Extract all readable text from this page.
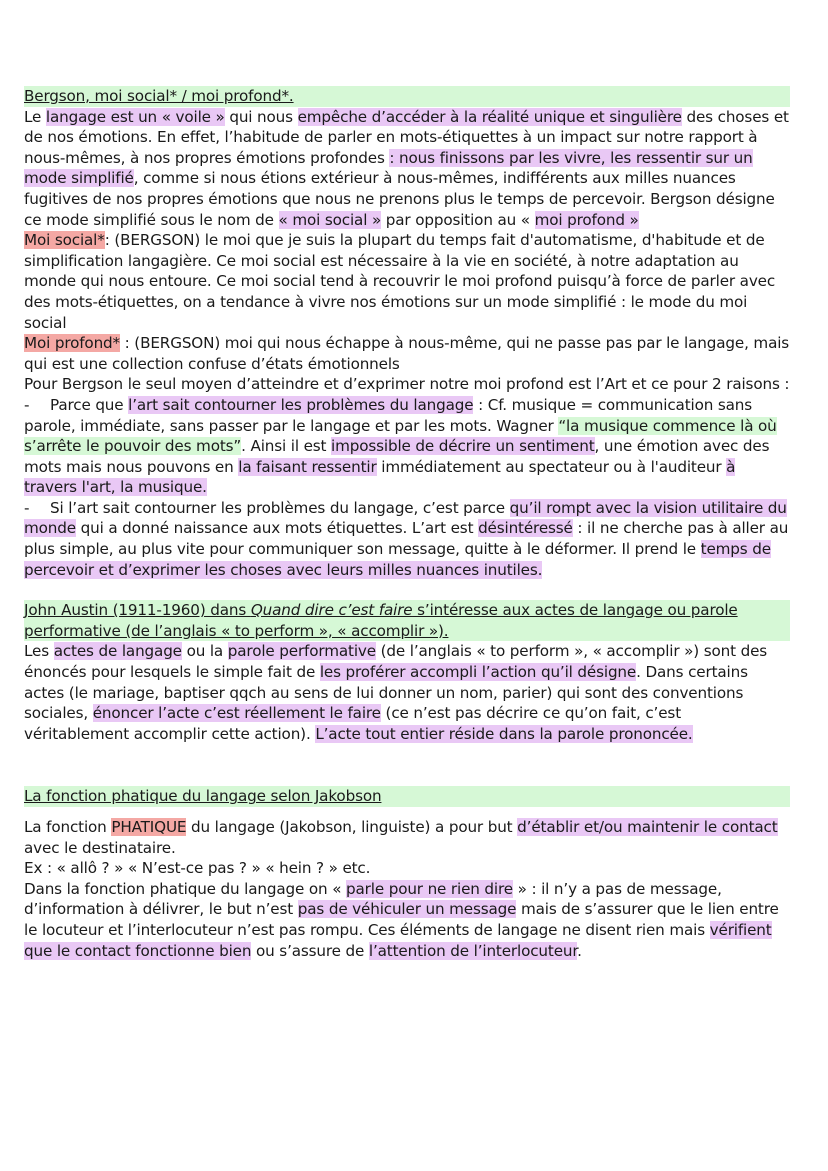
Bergson, moi social* / moi profond*.

Le langage est un « voile » qui nous empêche d’accéder à la réalité unique et singulière des choses et de nos émotions. En effet, l’habitude de parler en mots-étiquettes à un impact sur notre rapport à nous-mêmes, à nos propres émotions profondes : nous finissons par les vivre, les ressentir sur un mode simplifié, comme si nous étions extérieur à nous-mêmes, indifférents aux milles nuances fugitives de nos propres émotions que nous ne prenons plus le temps de percevoir. Bergson désigne ce mode simplifié sous le nom de « moi social » par opposition au « moi profond »

Moi social*: (BERGSON) le moi que je suis la plupart du temps fait d'automatisme, d'habitude et de simplification langagière. Ce moi social est nécessaire à la vie en société, à notre adaptation au monde qui nous entoure. Ce moi social tend à recouvrir le moi profond puisqu’à force de parler avec des mots-étiquettes, on a tendance à vivre nos émotions sur un mode simplifié : le mode du moi social

Moi profond* : (BERGSON) moi qui nous échappe à nous-même, qui ne passe pas par le langage, mais qui est une collection confuse d’états émotionnels

Pour Bergson le seul moyen d’atteindre et d’exprimer notre moi profond est l’Art et ce pour 2 raisons :

- Parce que l’art sait contourner les problèmes du langage : Cf. musique = communication sans parole, immédiate, sans passer par le langage et par les mots. Wagner “la musique commence là où s’arrête le pouvoir des mots”. Ainsi il est impossible de décrire un sentiment, une émotion avec des mots mais nous pouvons en la faisant ressentir immédiatement au spectateur ou à l'auditeur à travers l'art, la musique.

- Si l’art sait contourner les problèmes du langage, c’est parce qu’il rompt avec la vision utilitaire du monde qui a donné naissance aux mots étiquettes. L’art est désintéressé : il ne cherche pas à aller au plus simple, au plus vite pour communiquer son message, quitte à le déformer. Il prend le temps de percevoir et d’exprimer les choses avec leurs milles nuances inutiles.

John Austin (1911-1960) dans Quand dire c’est faire s’intéresse aux actes de langage ou parole performative (de l’anglais « to perform », « accomplir »).

Les actes de langage ou la parole performative (de l’anglais « to perform », « accomplir ») sont des énoncés pour lesquels le simple fait de les proférer accompli l’action qu’il désigne. Dans certains actes (le mariage, baptiser qqch au sens de lui donner un nom, parier) qui sont des conventions sociales, énoncer l’acte c’est réellement le faire (ce n’est pas décrire ce qu’on fait, c’est véritablement accomplir cette action). L’acte tout entier réside dans la parole prononcée.

La fonction phatique du langage selon Jakobson

La fonction PHATIQUE du langage (Jakobson, linguiste) a pour but d’établir et/ou maintenir le contact avec le destinataire.

Ex : « allô ? » « N’est-ce pas ? » « hein ? » etc.

Dans la fonction phatique du langage on « parle pour ne rien dire » : il n’y a pas de message, d’information à délivrer, le but n’est pas de véhiculer un message mais de s’assurer que le lien entre le locuteur et l’interlocuteur n’est pas rompu. Ces éléments de langage ne disent rien mais vérifient que le contact fonctionne bien ou s’assure de l’attention de l’interlocuteur.
